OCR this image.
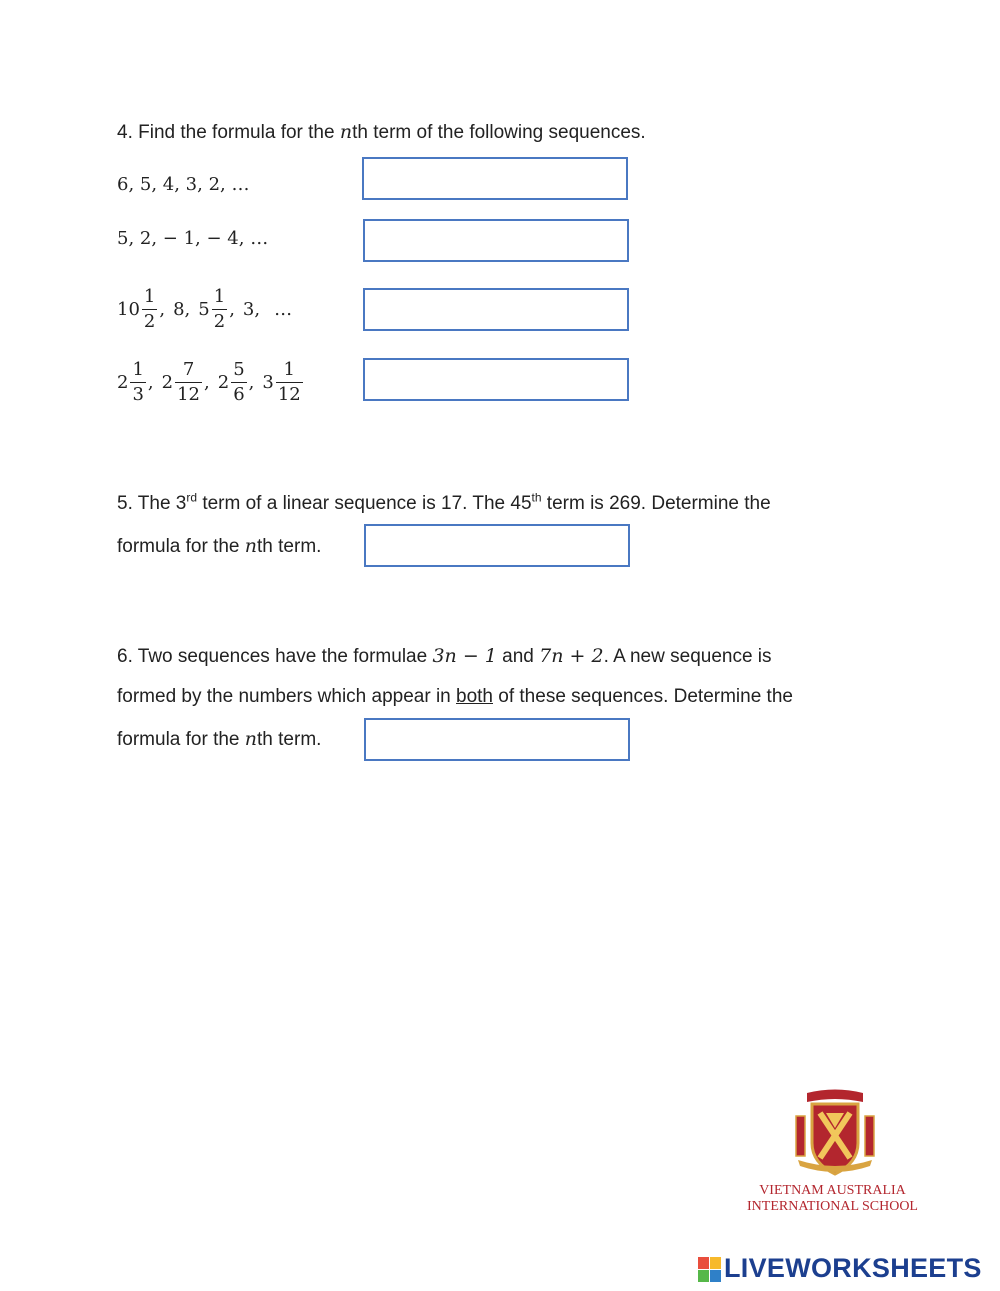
4. Find the formula for the nth term of the following sequences.
6, 5, 4, 3, 2, …
5, 2, − 1, − 4, …
$10 \frac{1}{2}$ , 8 , $5 \frac{1}{2}$ , 3 , …
$2 \frac{1}{3}$ , $2 \frac{7}{12}$ , $2 \frac{5}{6}$ , $3 \frac{1}{12}$
5. The 3rd term of a linear sequence is 17. The 45th term is 269. Determine the
formula for the nth term.
6. Two sequences have the formulae 3n − 1 and 7n + 2. A new sequence is
formed by the numbers which appear in both of these sequences. Determine the
formula for the nth term.
VIETNAM AUSTRALIA
INTERNATIONAL SCHOOL
LIVEWORKSHEETS
